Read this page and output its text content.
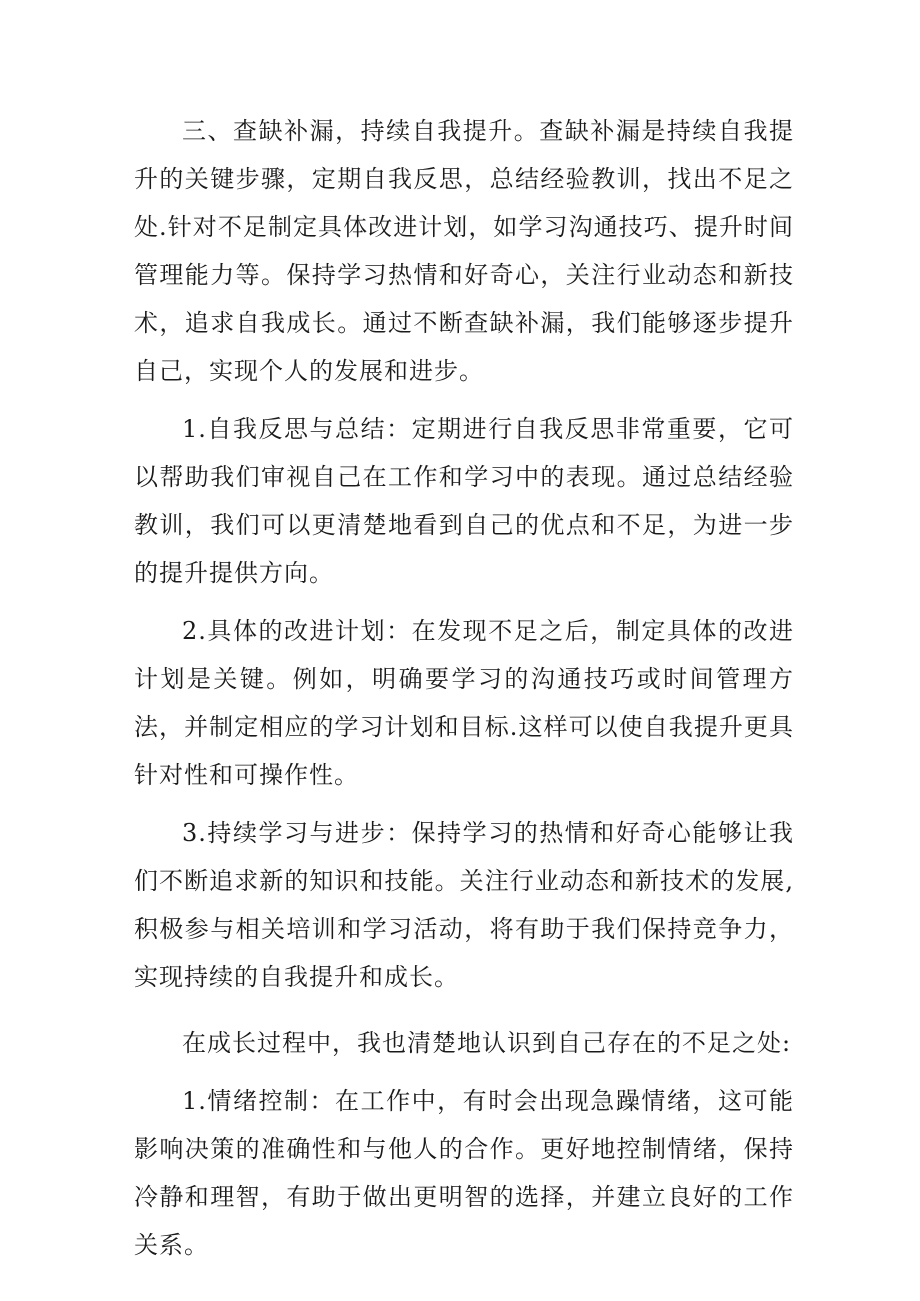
三、查缺补漏，持续自我提升。查缺补漏是持续自我提升的关键步骤，定期自我反思，总结经验教训，找出不足之处.针对不足制定具体改进计划，如学习沟通技巧、提升时间管理能力等。保持学习热情和好奇心，关注行业动态和新技术，追求自我成长。通过不断查缺补漏，我们能够逐步提升自己，实现个人的发展和进步。

1.自我反思与总结：定期进行自我反思非常重要，它可以帮助我们审视自己在工作和学习中的表现。通过总结经验教训，我们可以更清楚地看到自己的优点和不足，为进一步的提升提供方向。

2.具体的改进计划：在发现不足之后，制定具体的改进计划是关键。例如，明确要学习的沟通技巧或时间管理方法，并制定相应的学习计划和目标.这样可以使自我提升更具针对性和可操作性。

3.持续学习与进步：保持学习的热情和好奇心能够让我们不断追求新的知识和技能。关注行业动态和新技术的发展,积极参与相关培训和学习活动，将有助于我们保持竞争力，实现持续的自我提升和成长。

在成长过程中，我也清楚地认识到自己存在的不足之处:

1.情绪控制：在工作中，有时会出现急躁情绪，这可能影响决策的准确性和与他人的合作。更好地控制情绪，保持冷静和理智，有助于做出更明智的选择，并建立良好的工作关系。
